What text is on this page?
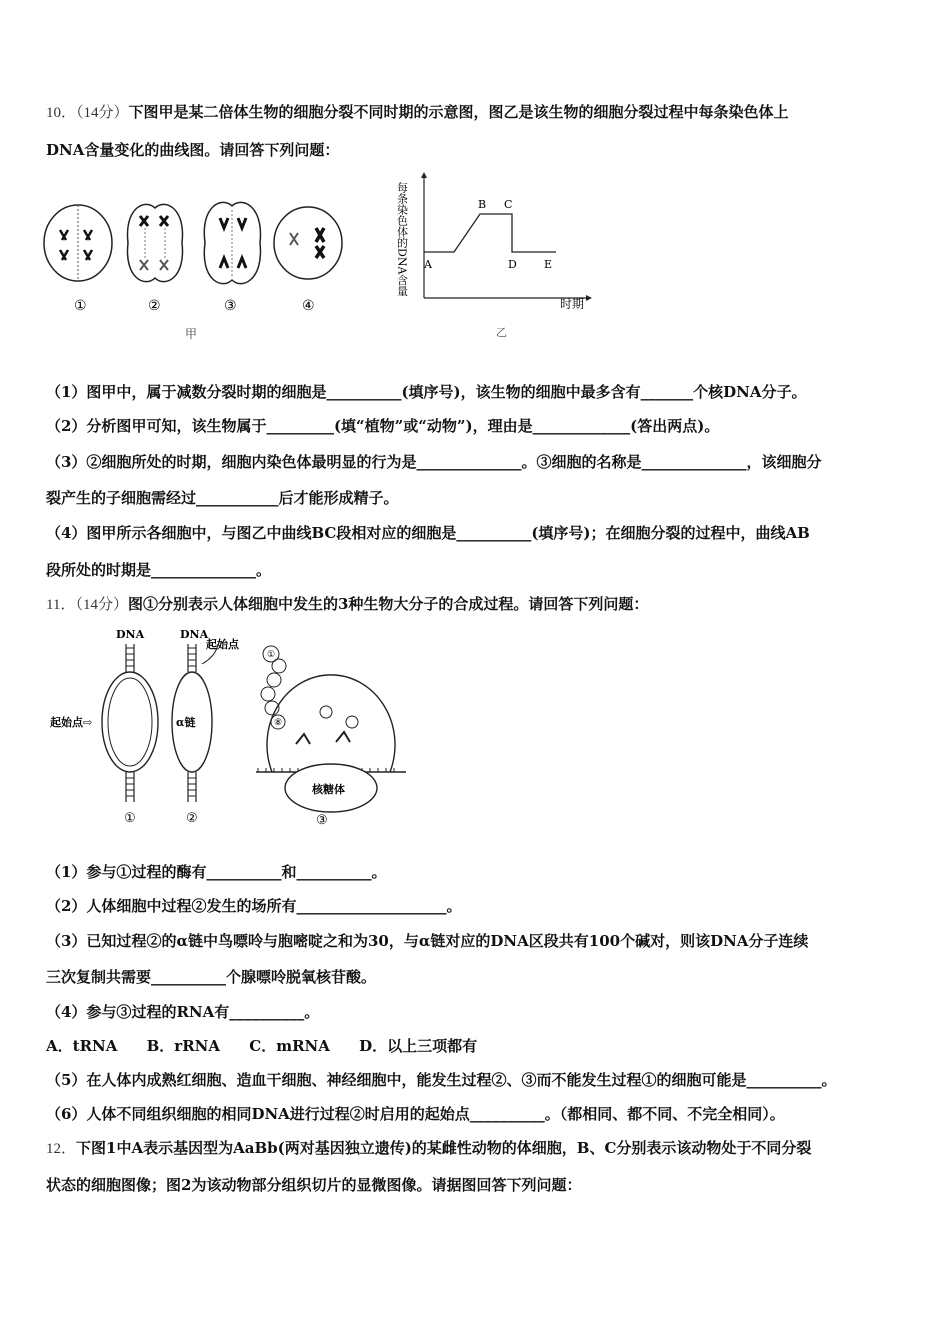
10．（14分）下图甲是某二倍体生物的细胞分裂不同时期的示意图，图乙是该生物的细胞分裂过程中每条染色体上
DNA含量变化的曲线图。请回答下列问题：
①	②	③	④
甲
每条染色体的DNA含量 A
B C
D E
时期
乙
（1）图甲中，属于减数分裂时期的细胞是__________(填序号)，该生物的细胞中最多含有_______个核DNA分子。
（2）分析图甲可知，该生物属于_________(填“植物”或“动物”)，理由是_____________(答出两点)。
（3）②细胞所处的时期，细胞内染色体最明显的行为是______________。③细胞的名称是______________，该细胞分
裂产生的子细胞需经过___________后才能形成精子。
（4）图甲所示各细胞中，与图乙中曲线BC段相对应的细胞是__________(填序号)；在细胞分裂的过程中，曲线AB
段所处的时期是______________。
11．（14分）图①分别表示人体细胞中发生的3种生物大分子的合成过程。请回答下列问题：
DNA
起始点⇨
①
DNA
起始点
α链
②
①
⑧
核糖体
③
（1）参与①过程的酶有__________和__________。
（2）人体细胞中过程②发生的场所有____________________。
（3）已知过程②的α链中鸟嘌呤与胞嘧啶之和为30，与α链对应的DNA区段共有100个碱对，则该DNA分子连续
三次复制共需要__________个腺嘌呤脱氧核苷酸。
（4）参与③过程的RNA有__________。
A．tRNA B．rRNA C．mRNA D．以上三项都有
（5）在人体内成熟红细胞、造血干细胞、神经细胞中，能发生过程②、③而不能发生过程①的细胞可能是__________。
（6）人体不同组织细胞的相同DNA进行过程②时启用的起始点__________。（都相同、都不同、不完全相同）。
12．下图1中A表示基因型为AaBb(两对基因独立遗传)的某雌性动物的体细胞，B、C分别表示该动物处于不同分裂
状态的细胞图像；图2为该动物部分组织切片的显微图像。请据图回答下列问题：
